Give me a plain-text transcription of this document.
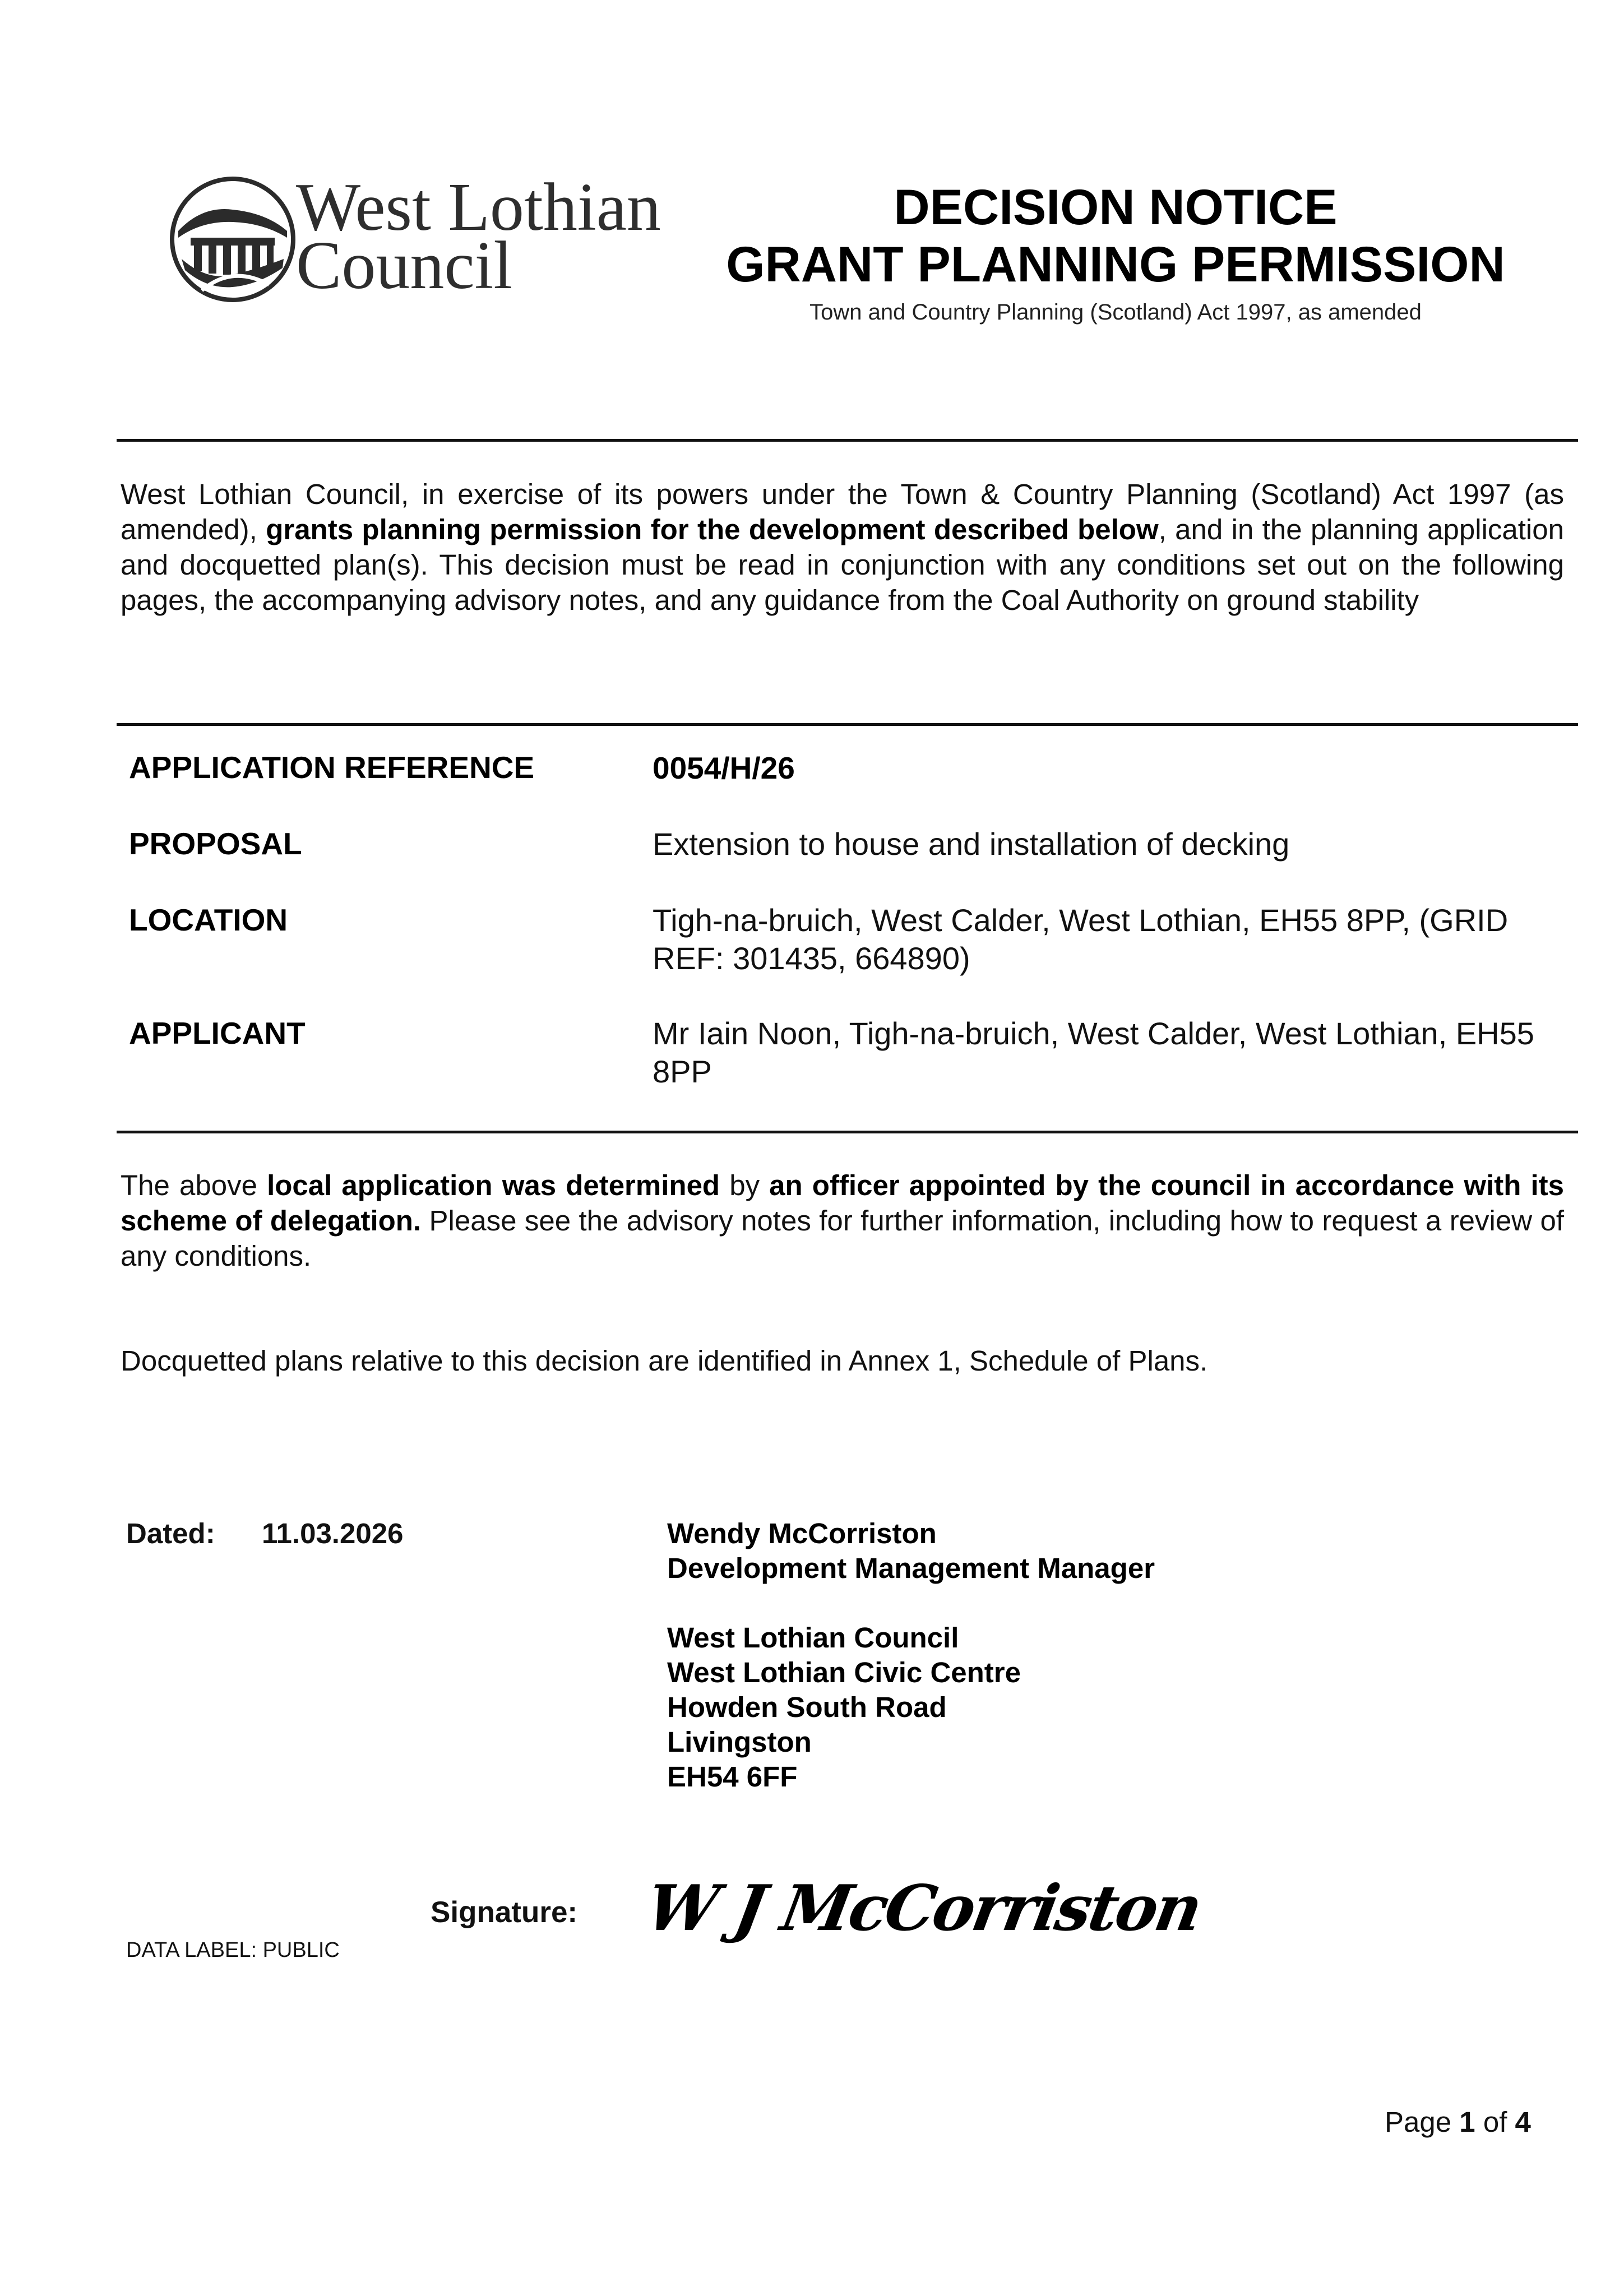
West Lothian
Council
DECISION NOTICE
GRANT PLANNING PERMISSION
Town and Country Planning (Scotland) Act 1997, as amended
West Lothian Council, in exercise of its powers under the Town & Country Planning (Scotland) Act 1997 (as amended), grants planning permission for the development described below, and in the planning application and docquetted plan(s). This decision must be read in conjunction with any conditions set out on the following pages, the accompanying advisory notes, and any guidance from the Coal Authority on ground stability
APPLICATION REFERENCE	0054/H/26
PROPOSAL	Extension to house and installation of decking
LOCATION	Tigh-na-bruich, West Calder, West Lothian, EH55 8PP, (GRID REF: 301435, 664890)
APPLICANT	Mr Iain Noon, Tigh-na-bruich, West Calder, West Lothian, EH55 8PP
The above local application was determined by an officer appointed by the council in accordance with its scheme of delegation. Please see the advisory notes for further information, including how to request a review of any conditions.
Docquetted plans relative to this decision are identified in Annex 1, Schedule of Plans.
Dated: 11.03.2026	Wendy McCorriston
Development Management Manager
West Lothian Council
West Lothian Civic Centre
Howden South Road
Livingston
EH54 6FF
Signature: W J McCorriston
DATA LABEL: PUBLIC
Page 1 of 4
